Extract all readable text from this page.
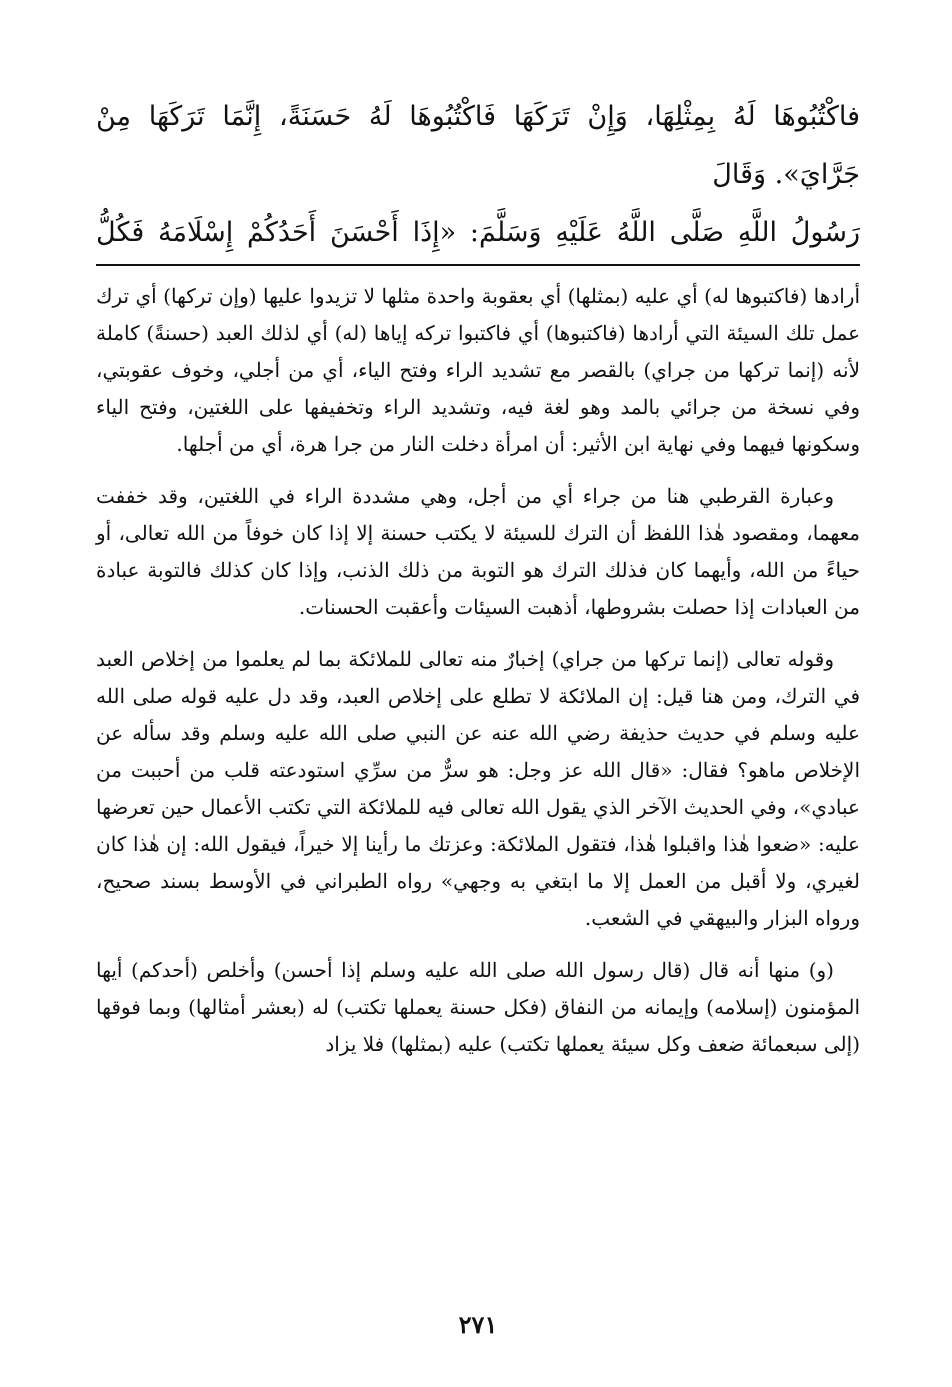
فاكْتُبُوهَا لَهُ بِمِثْلِهَا، وَإِنْ تَرَكَهَا فَاكْتُبُوهَا لَهُ حَسَنَةً، إِنَّمَا تَرَكَهَا مِنْ جَرَّايَ». وَقَالَ
رَسُولُ اللَّهِ صَلَّى اللَّهُ عَلَيْهِ وَسَلَّمَ: «إِذَا أَحْسَنَ أَحَدُكُمْ إِسْلَامَهُ فَكُلُّ

أرادها (فاكتبوها له) أي عليه (بمثلها) أي بعقوبة واحدة مثلها لا تزيدوا عليها (وإن تركها) أي ترك عمل تلك السيئة التي أرادها (فاكتبوها) أي فاكتبوا تركه إياها (له) أي لذلك العبد (حسنةً) كاملة لأنه (إنما تركها من جراي) بالقصر مع تشديد الراء وفتح الياء، أي من أجلي، وخوف عقوبتي، وفي نسخة من جرائي بالمد وهو لغة فيه، وتشديد الراء وتخفيفها على اللغتين، وفتح الياء وسكونها فيهما وفي نهاية ابن الأثير: أن امرأة دخلت النار من جرا هرة، أي من أجلها.

وعبارة القرطبي هنا من جراء أي من أجل، وهي مشددة الراء في اللغتين، وقد خففت معهما، ومقصود هٰذا اللفظ أن الترك للسيئة لا يكتب حسنة إلا إذا كان خوفاً من الله تعالى، أو حياءً من الله، وأيهما كان فذلك الترك هو التوبة من ذلك الذنب، وإذا كان كذلك فالتوبة عبادة من العبادات إذا حصلت بشروطها، أذهبت السيئات وأعقبت الحسنات.

وقوله تعالى (إنما تركها من جراي) إخبارٌ منه تعالى للملائكة بما لم يعلموا من إخلاص العبد في الترك، ومن هنا قيل: إن الملائكة لا تطلع على إخلاص العبد، وقد دل عليه قوله صلى الله عليه وسلم في حديث حذيفة رضي الله عنه عن النبي صلى الله عليه وسلم وقد سأله عن الإخلاص ماهو؟ فقال: «قال الله عز وجل: هو سرٌّ من سرِّي استودعته قلب من أحببت من عبادي»، وفي الحديث الآخر الذي يقول الله تعالى فيه للملائكة التي تكتب الأعمال حين تعرضها عليه: «ضعوا هٰذا واقبلوا هٰذا، فتقول الملائكة: وعزتك ما رأينا إلا خيراً، فيقول الله: إن هٰذا كان لغيري، ولا أقبل من العمل إلا ما ابتغي به وجهي» رواه الطبراني في الأوسط بسند صحيح، ورواه البزار والبيهقي في الشعب.

(و) منها أنه قال (قال رسول الله صلى الله عليه وسلم إذا أحسن) وأخلص (أحدكم) أيها المؤمنون (إسلامه) وإيمانه من النفاق (فكل حسنة يعملها تكتب) له (بعشر أمثالها) وبما فوقها (إلى سبعمائة ضعف وكل سيئة يعملها تكتب) عليه (بمثلها) فلا يزاد

٢٧١
